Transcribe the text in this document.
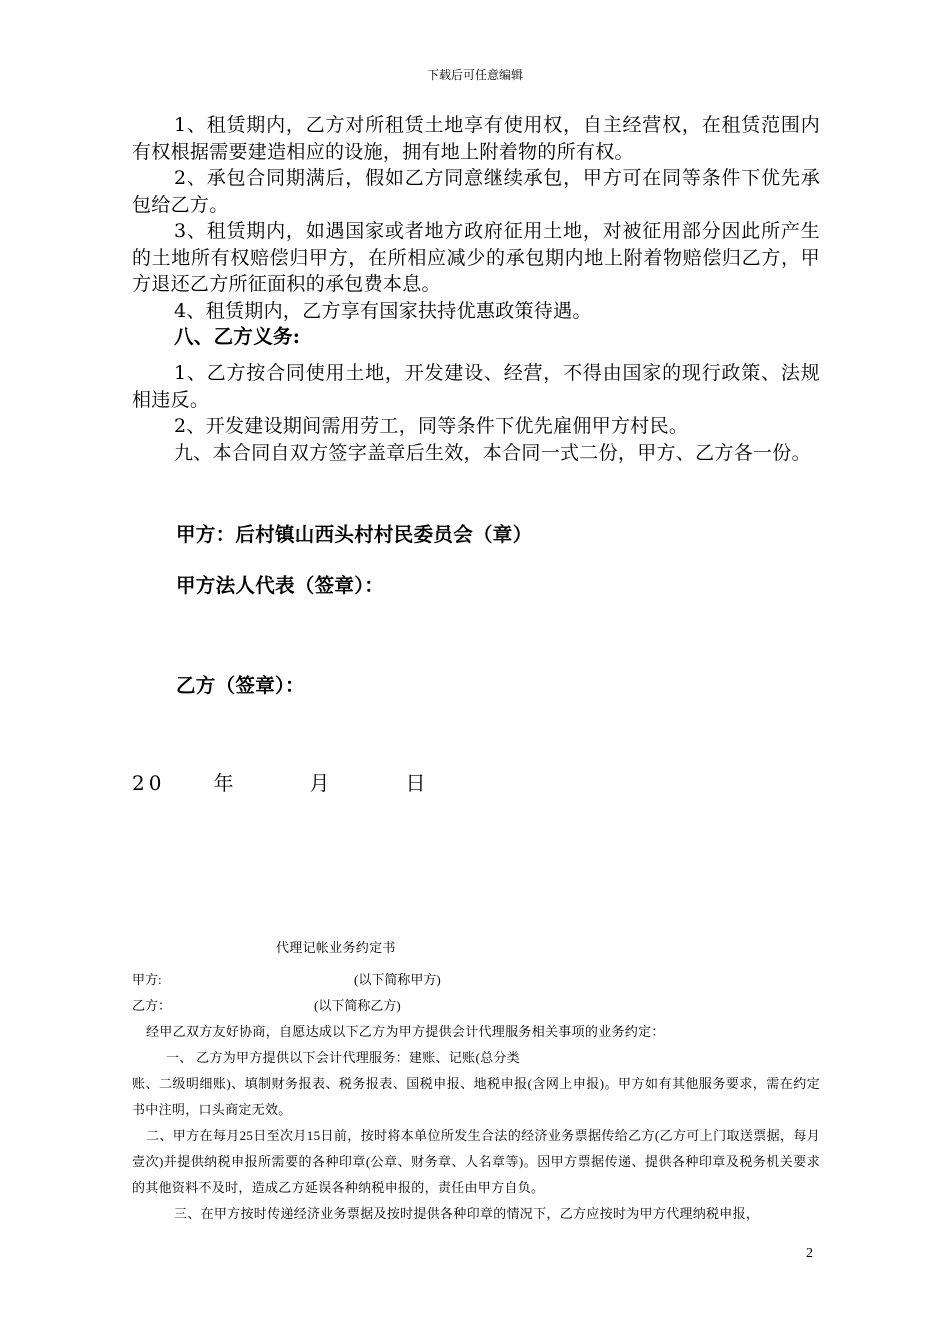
下载后可任意编辑

1、租赁期内，乙方对所租赁土地享有使用权，自主经营权，在租赁范围内有权根据需要建造相应的设施，拥有地上附着物的所有权。

2、承包合同期满后，假如乙方同意继续承包，甲方可在同等条件下优先承包给乙方。

3、租赁期内，如遇国家或者地方政府征用土地，对被征用部分因此所产生的土地所有权赔偿归甲方，在所相应减少的承包期内地上附着物赔偿归乙方，甲方退还乙方所征面积的承包费本息。

4、租赁期内，乙方享有国家扶持优惠政策待遇。

八、乙方义务:

1、乙方按合同使用土地，开发建设、经营，不得由国家的现行政策、法规相违反。

2、开发建设期间需用劳工，同等条件下优先雇佣甲方村民。

九、本合同自双方签字盖章后生效，本合同一式二份，甲方、乙方各一份。

甲方：后村镇山西头村村民委员会（章）

甲方法人代表（签章）：

乙方（签章）：

20　　年　　　月　　　日

代理记帐业务约定书

甲方:	(以下简称甲方)
乙方：	(以下简称乙方)

经甲乙双方友好协商，自愿达成以下乙方为甲方提供会计代理服务相关事项的业务约定：

一、 乙方为甲方提供以下会计代理服务：建账、记账(总分类

账、二级明细账)、填制财务报表、税务报表、国税申报、地税申报(含网上申报)。甲方如有其他服务要求，需在约定书中注明，口头商定无效。

二、甲方在每月25日至次月15日前，按时将本单位所发生合法的经济业务票据传给乙方(乙方可上门取送票据，每月壹次)并提供纳税申报所需要的各种印章(公章、财务章、人名章等)。因甲方票据传递、提供各种印章及税务机关要求的其他资料不及时，造成乙方延误各种纳税申报的，责任由甲方自负。

三、在甲方按时传递经济业务票据及按时提供各种印章的情况下，乙方应按时为甲方代理纳税申报，

2
